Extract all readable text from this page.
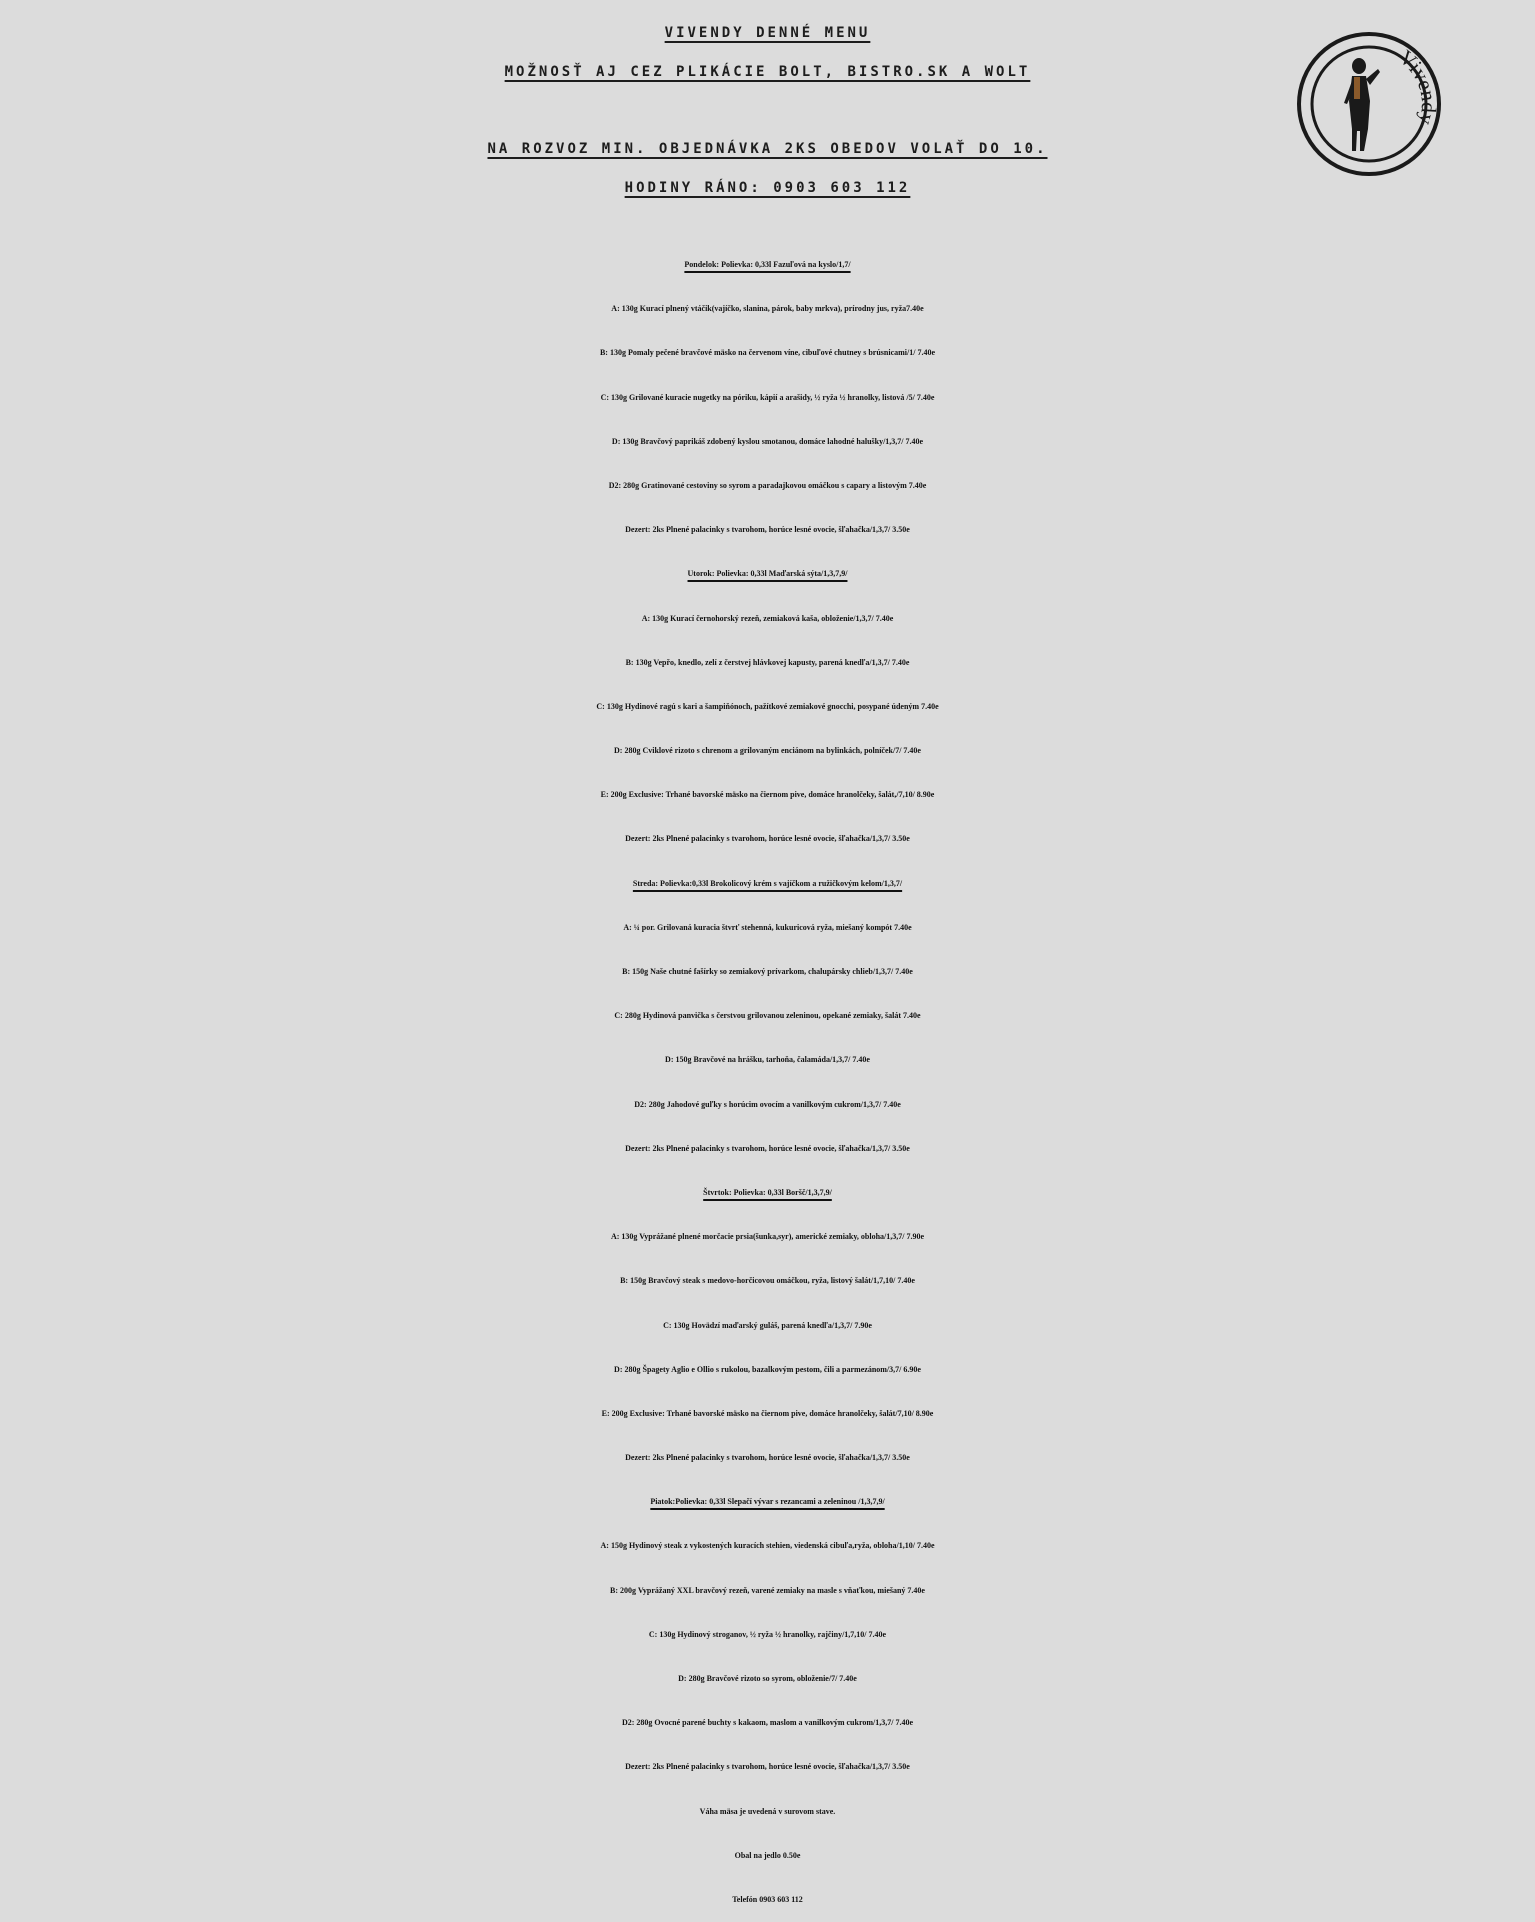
VIVENDY DENNÉ MENU
MOŽNOSŤ AJ CEZ PLIKÁCIE BOLT, BISTRO.SK A WOLT
NA ROZVOZ MIN. OBJEDNÁVKA 2KS OBEDOV VOLAŤ DO 10.
HODINY RÁNO: 0903 603 112
Vivendy
Pondelok: Polievka: 0,33l Fazuľová na kyslo/1,7/
A: 130g Kurací plnený vtáčik(vajíčko, slanina, párok, baby mrkva), prírodny jus, ryža7.40e
B: 130g Pomaly pečené bravčové mäsko na červenom víne, cibuľové chutney s brúsnicami/1/ 7.40e
C: 130g Grilované kuracie nugetky na póriku, kápií a arašidy, ½ ryža ½ hranolky, listová /5/ 7.40e
D: 130g Bravčový paprikáš zdobený kyslou smotanou, domáce lahodné halušky/1,3,7/ 7.40e
D2: 280g Gratinované cestoviny so syrom a paradajkovou omáčkou s capary a listovým 7.40e
Dezert: 2ks Plnené palacinky s tvarohom, horúce lesné ovocie, šľahačka/1,3,7/ 3.50e
Utorok: Polievka: 0,33l Maďarská sýta/1,3,7,9/
A: 130g Kurací černohorský rezeň, zemiaková kaša, obloženie/1,3,7/ 7.40e
B: 130g Vepřo, knedlo, zelí z čerstvej hlávkovej kapusty, parená knedľa/1,3,7/ 7.40e
C: 130g Hydinové ragú s kari a šampiňónoch, pažítkové zemiakové gnocchi, posypané údeným 7.40e
D: 280g Cviklové rizoto s chrenom a grilovaným enciánom na bylinkách, polníček/7/ 7.40e
E: 200g Exclusive: Trhané bavorské mäsko na čiernom pive, domáce hranolčeky, šalát,/7,10/ 8.90e
Dezert: 2ks Plnené palacinky s tvarohom, horúce lesné ovocie, šľahačka/1,3,7/ 3.50e
Streda: Polievka:0,33l Brokolicový krém s vajíčkom a ružičkovým kelom/1,3,7/
A: ¼ por. Grilovaná kuracia štvrť stehenná, kukuricová ryža, miešaný kompót 7.40e
B: 150g Naše chutné fašírky so zemiakový prívarkom, chalupársky chlieb/1,3,7/ 7.40e
C: 280g Hydinová panvička s čerstvou grilovanou zeleninou, opekané zemiaky, šalát 7.40e
D: 150g Bravčové na hrášku, tarhoňa, čalamáda/1,3,7/ 7.40e
D2: 280g Jahodové guľky s horúcim ovocím a vanilkovým cukrom/1,3,7/ 7.40e
Dezert: 2ks Plnené palacinky s tvarohom, horúce lesné ovocie, šľahačka/1,3,7/ 3.50e
Štvrtok: Polievka: 0,33l Boršč/1,3,7,9/
A: 130g Vyprážané plnené morčacie prsia(šunka,syr), americké zemiaky, obloha/1,3,7/ 7.90e
B: 150g Bravčový steak s medovo-horčicovou omáčkou, ryža, listový šalát/1,7,10/ 7.40e
C: 130g Hovädzí maďarský guláš, parená knedľa/1,3,7/ 7.90e
D: 280g Špagety Aglio e Ollio s rukolou, bazalkovým pestom, čili a parmezánom/3,7/ 6.90e
E: 200g Exclusive: Trhané bavorské mäsko na čiernom pive, domáce hranolčeky, šalát/7,10/ 8.90e
Dezert: 2ks Plnené palacinky s tvarohom, horúce lesné ovocie, šľahačka/1,3,7/ 3.50e
Piatok:Polievka: 0,33l Slepačí vývar s rezancami a zeleninou /1,3,7,9/
A: 150g Hydinový steak z vykostených kuracích stehien, viedenská cibuľa,ryža, obloha/1,10/ 7.40e
B: 200g Vyprážaný XXL bravčový rezeň, varené zemiaky na masle s vňaťkou, miešaný 7.40e
C: 130g Hydinový stroganov, ½ ryža ½ hranolky, rajčiny/1,7,10/ 7.40e
D: 280g Bravčové rizoto so syrom, obloženie/7/ 7.40e
D2: 280g Ovocné parené buchty s kakaom, maslom a vanilkovým cukrom/1,3,7/ 7.40e
Dezert: 2ks Plnené palacinky s tvarohom, horúce lesné ovocie, šľahačka/1,3,7/ 3.50e
Váha mäsa je uvedená v surovom stave.
Obal na jedlo 0.50e
Telefón 0903 603 112
